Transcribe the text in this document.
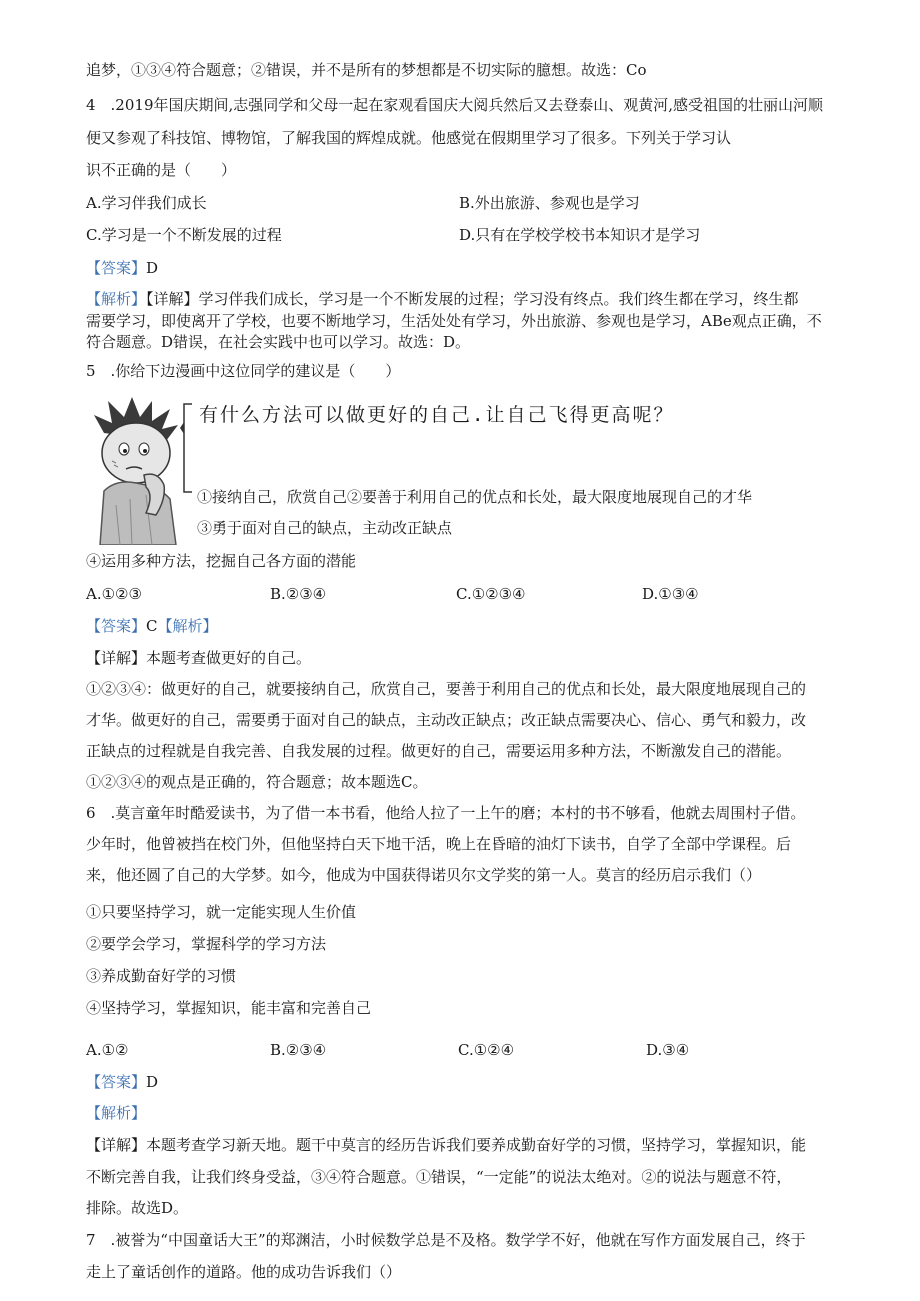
追梦，①③④符合题意；②错误，并不是所有的梦想都是不切实际的臆想。故选：Co
4　.2019年国庆期间,志强同学和父母一起在家观看国庆大阅兵然后又去登泰山、观黄河,感受祖国的壮丽山河顺
便又参观了科技馆、博物馆，了解我国的辉煌成就。他感觉在假期里学习了很多。下列关于学习认
识不正确的是（　　）
A.学习伴我们成长	B.外出旅游、参观也是学习
C.学习是一个不断发展的过程	D.只有在学校学校书本知识才是学习
【答案】D
【解析】【详解】学习伴我们成长，学习是一个不断发展的过程；学习没有终点。我们终生都在学习，终生都
需要学习，即使离开了学校，也要不断地学习，生活处处有学习，外出旅游、参观也是学习，ABe观点正确，不
符合题意。D错误，在社会实践中也可以学习。故选：D。
5　.你给下边漫画中这位同学的建议是（　　）
有什么方法可以做更好的自己.让自己飞得更高呢？
①接纳自己，欣赏自己②要善于利用自己的优点和长处，最大限度地展现自己的才华
③勇于面对自己的缺点，主动改正缺点
④运用多种方法，挖掘自己各方面的潜能
A.①②③	B.②③④	C.①②③④	D.①③④
【答案】C【解析】
【详解】本题考查做更好的自己。
①②③④：做更好的自己，就要接纳自己，欣赏自己，要善于利用自己的优点和长处，最大限度地展现自己的
才华。做更好的自己，需要勇于面对自己的缺点，主动改正缺点；改正缺点需要决心、信心、勇气和毅力，改
正缺点的过程就是自我完善、自我发展的过程。做更好的自己，需要运用多种方法，不断激发自己的潜能。
①②③④的观点是正确的，符合题意；故本题选C。
6　.莫言童年时酷爱读书，为了借一本书看，他给人拉了一上午的磨；本村的书不够看，他就去周围村子借。
少年时，他曾被挡在校门外，但他坚持白天下地干活，晚上在昏暗的油灯下读书，自学了全部中学课程。后
来，他还圆了自己的大学梦。如今，他成为中国获得诺贝尔文学奖的第一人。莫言的经历启示我们（）
①只要坚持学习，就一定能实现人生价值
②要学会学习，掌握科学的学习方法
③养成勤奋好学的习惯
④坚持学习，掌握知识，能丰富和完善自己
A.①②	B.②③④	C.①②④	D.③④
【答案】D
【解析】
【详解】本题考查学习新天地。题干中莫言的经历告诉我们要养成勤奋好学的习惯，坚持学习，掌握知识，能
不断完善自我，让我们终身受益，③④符合题意。①错误，“一定能”的说法太绝对。②的说法与题意不符，
排除。故选D。
7　.被誉为“中国童话大王”的郑渊洁，小时候数学总是不及格。数学学不好，他就在写作方面发展自己，终于
走上了童话创作的道路。他的成功告诉我们（）
